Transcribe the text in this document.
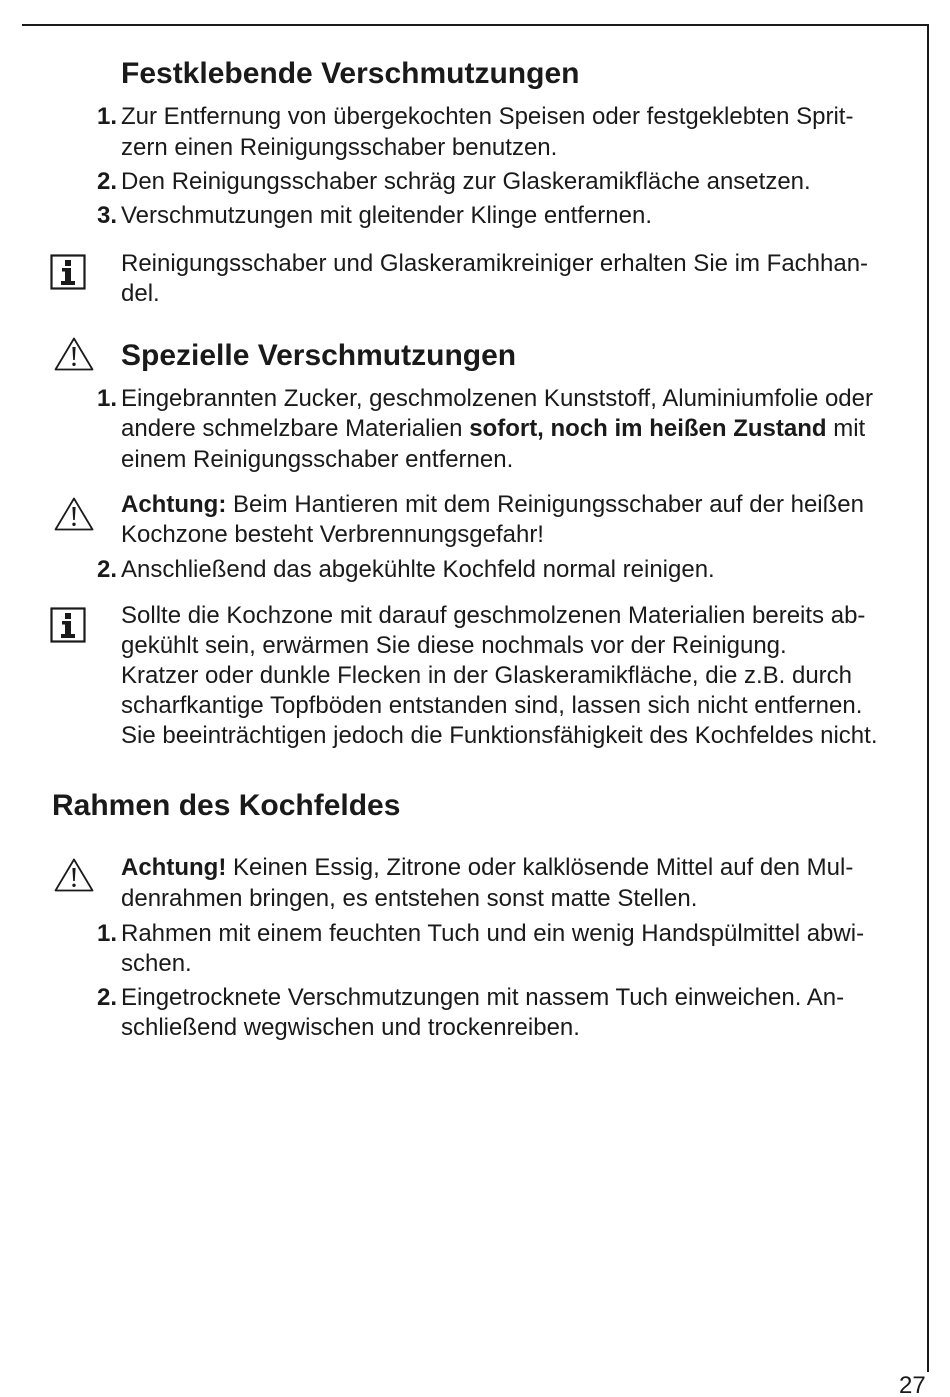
Festklebende Verschmutzungen
1. Zur Entfernung von übergekochten Speisen oder festgeklebten Sprit-
zern einen Reinigungsschaber benutzen.
2. Den Reinigungsschaber schräg zur Glaskeramikfläche ansetzen.
3. Verschmutzungen mit gleitender Klinge entfernen.
Reinigungsschaber und Glaskeramikreiniger erhalten Sie im Fachhan-
del.
Spezielle Verschmutzungen
1. Eingebrannten Zucker, geschmolzenen Kunststoff, Aluminiumfolie oder
andere schmelzbare Materialien sofort, noch im heißen Zustand mit
einem Reinigungsschaber entfernen.
Achtung: Beim Hantieren mit dem Reinigungsschaber auf der heißen
Kochzone besteht Verbrennungsgefahr!
2. Anschließend das abgekühlte Kochfeld normal reinigen.
Sollte die Kochzone mit darauf geschmolzenen Materialien bereits ab-
gekühlt sein, erwärmen Sie diese nochmals vor der Reinigung.
Kratzer oder dunkle Flecken in der Glaskeramikfläche, die z.B. durch
scharfkantige Topfböden entstanden sind, lassen sich nicht entfernen.
Sie beeinträchtigen jedoch die Funktionsfähigkeit des Kochfeldes nicht.
Rahmen des Kochfeldes
Achtung! Keinen Essig, Zitrone oder kalklösende Mittel auf den Mul-
denrahmen bringen, es entstehen sonst matte Stellen.
1. Rahmen mit einem feuchten Tuch und ein wenig Handspülmittel abwi-
schen.
2. Eingetrocknete Verschmutzungen mit nassem Tuch einweichen. An-
schließend wegwischen und trockenreiben.
27
